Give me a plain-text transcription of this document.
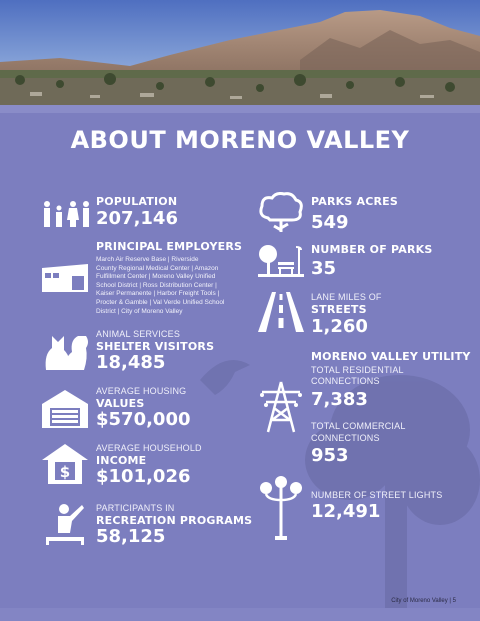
ABOUT MORENO VALLEY
POPULATION
207,146
PRINCIPAL EMPLOYERS
March Air Reserve Base | Riverside
County Regional Medical Center | Amazon
Fulfillment Center | Moreno Valley Unified
School District | Ross Distribution Center |
Kaiser Permanente | Harbor Freight Tools |
Procter & Gamble | Val Verde Unified School
District | City of Moreno Valley
ANIMAL SERVICES
SHELTER VISITORS
18,485
AVERAGE HOUSING
VALUES
$570,000
$
AVERAGE HOUSEHOLD
INCOME
$101,026
PARTICIPANTS IN
RECREATION PROGRAMS
58,125
PARKS ACRES
549
NUMBER OF PARKS
35
LANE MILES OF
STREETS
1,260
MORENO VALLEY UTILITY
TOTAL RESIDENTIAL
CONNECTIONS
7,383
TOTAL COMMERCIAL
CONNECTIONS
953
NUMBER OF STREET LIGHTS
12,491
City of Moreno Valley | 5
